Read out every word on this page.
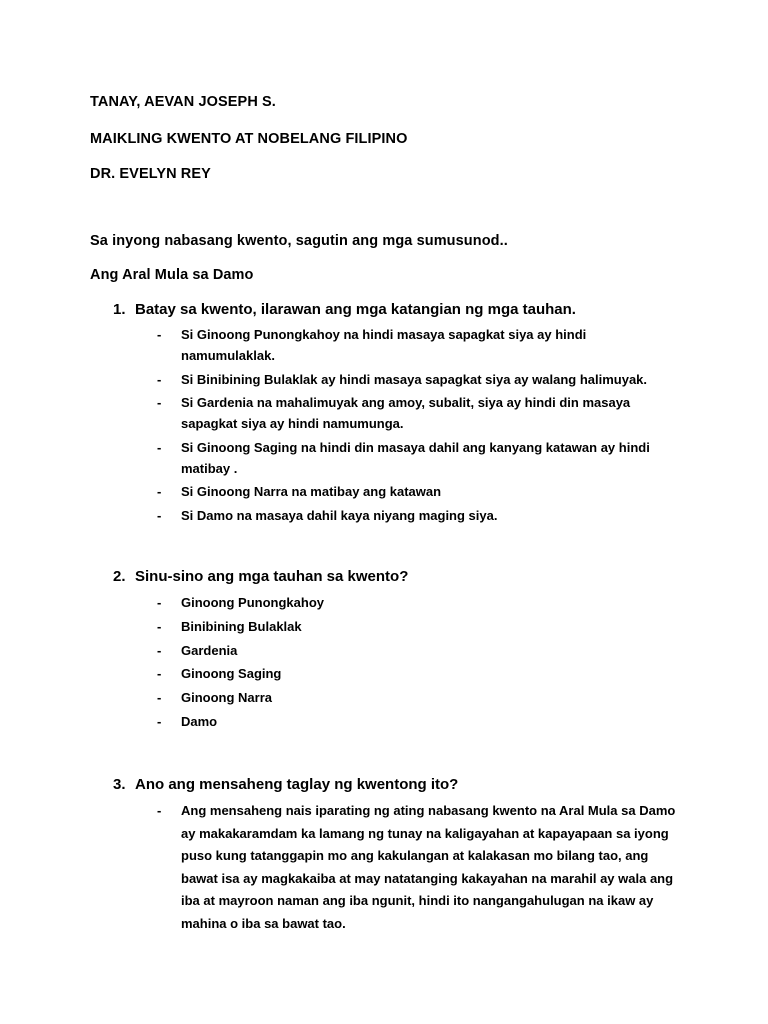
TANAY, AEVAN JOSEPH S.

MAIKLING KWENTO AT NOBELANG FILIPINO

DR. EVELYN REY

Sa inyong nabasang kwento, sagutin ang mga sumusunod..

Ang Aral Mula sa Damo

1. Batay sa kwento, ilarawan ang mga katangian ng mga tauhan.

- Si Ginoong Punongkahoy na hindi masaya sapagkat siya ay hindi namumulaklak.
- Si Binibining Bulaklak ay hindi masaya sapagkat siya ay walang halimuyak.
- Si Gardenia na mahalimuyak ang amoy, subalit, siya ay hindi din masaya sapagkat siya ay hindi namumunga.
- Si Ginoong Saging na hindi din masaya dahil ang kanyang katawan ay hindi matibay .
- Si Ginoong Narra na matibay ang katawan
- Si Damo na masaya dahil kaya niyang maging siya.

2. Sinu-sino ang mga tauhan sa kwento?

- Ginoong Punongkahoy
- Binibining Bulaklak
- Gardenia
- Ginoong Saging
- Ginoong Narra
- Damo

3. Ano ang mensaheng taglay ng kwentong ito?

- Ang mensaheng nais iparating ng ating nabasang kwento na Aral Mula sa Damo ay makakaramdam ka lamang ng tunay na kaligayahan at kapayapaan sa iyong puso kung tatanggapin mo ang kakulangan at kalakasan mo bilang tao, ang bawat isa ay magkakaiba at may natatanging kakayahan na marahil ay wala ang iba at mayroon naman ang iba ngunit, hindi ito nangangahulugan na ikaw ay mahina o iba sa bawat tao.
